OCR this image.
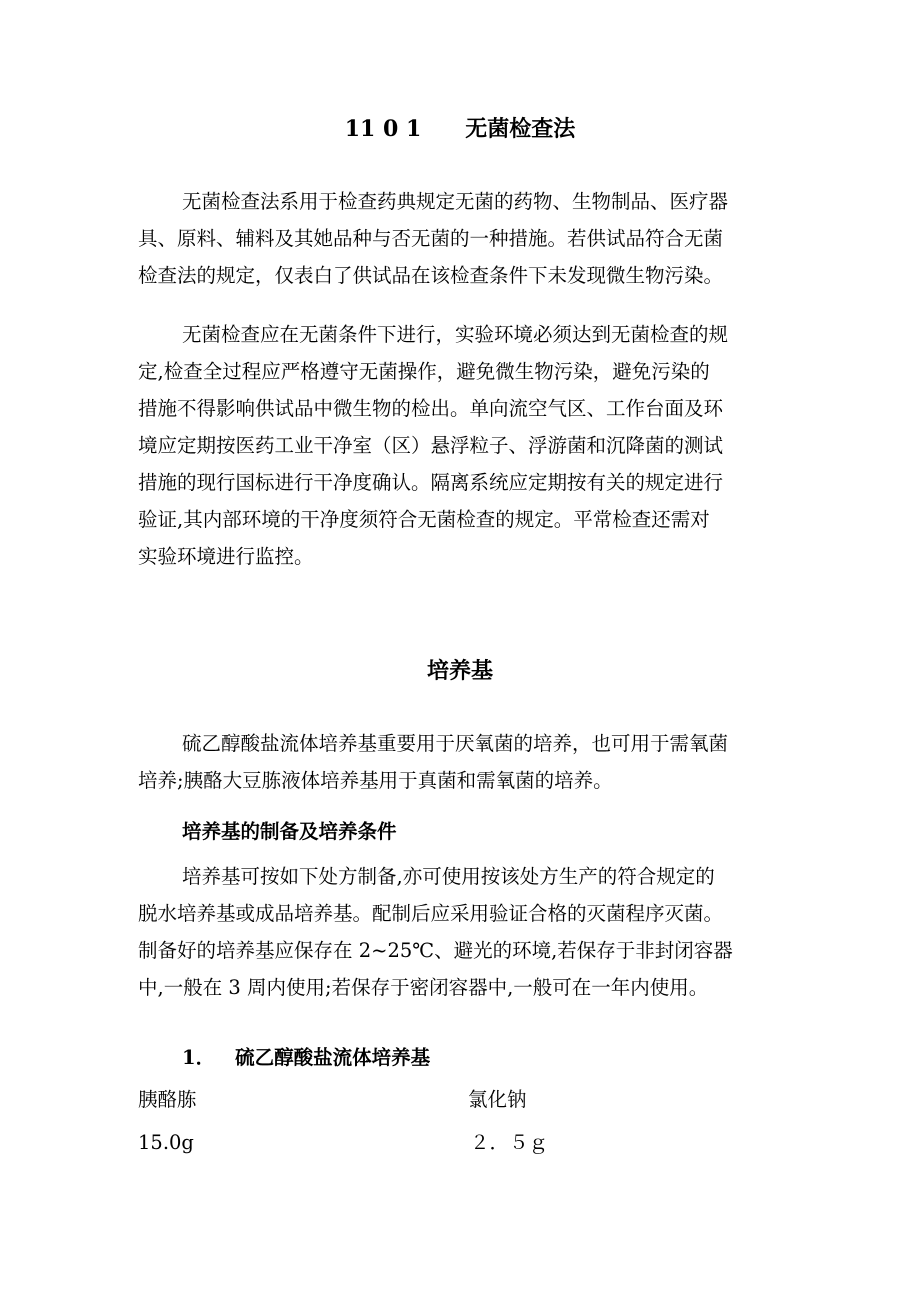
11 0 1 无菌检查法
无菌检查法系用于检查药典规定无菌的药物、生物制品、医疗器
具、原料、辅料及其她品种与否无菌的一种措施。若供试品符合无菌
检查法的规定，仅表白了供试品在该检查条件下未发现微生物污染。
无菌检查应在无菌条件下进行，实验环境必须达到无菌检查的规
定,检查全过程应严格遵守无菌操作，避免微生物污染，避免污染的
措施不得影响供试品中微生物的检出。单向流空气区、工作台面及环
境应定期按医药工业干净室（区）悬浮粒子、浮游菌和沉降菌的测试
措施的现行国标进行干净度确认。隔离系统应定期按有关的规定进行
验证,其内部环境的干净度须符合无菌检查的规定。平常检查还需对
实验环境进行监控。
培养基
硫乙醇酸盐流体培养基重要用于厌氧菌的培养，也可用于需氧菌
培养;胰酪大豆胨液体培养基用于真菌和需氧菌的培养。
培养基的制备及培养条件
培养基可按如下处方制备,亦可使用按该处方生产的符合规定的
脱水培养基或成品培养基。配制后应采用验证合格的灭菌程序灭菌。
制备好的培养基应保存在 2~25℃、避光的环境,若保存于非封闭容器
中,一般在 3 周内使用;若保存于密闭容器中,一般可在一年内使用。
1． 硫乙醇酸盐流体培养基
胰酪胨	氯化钠
15.0g	２．５ｇ
